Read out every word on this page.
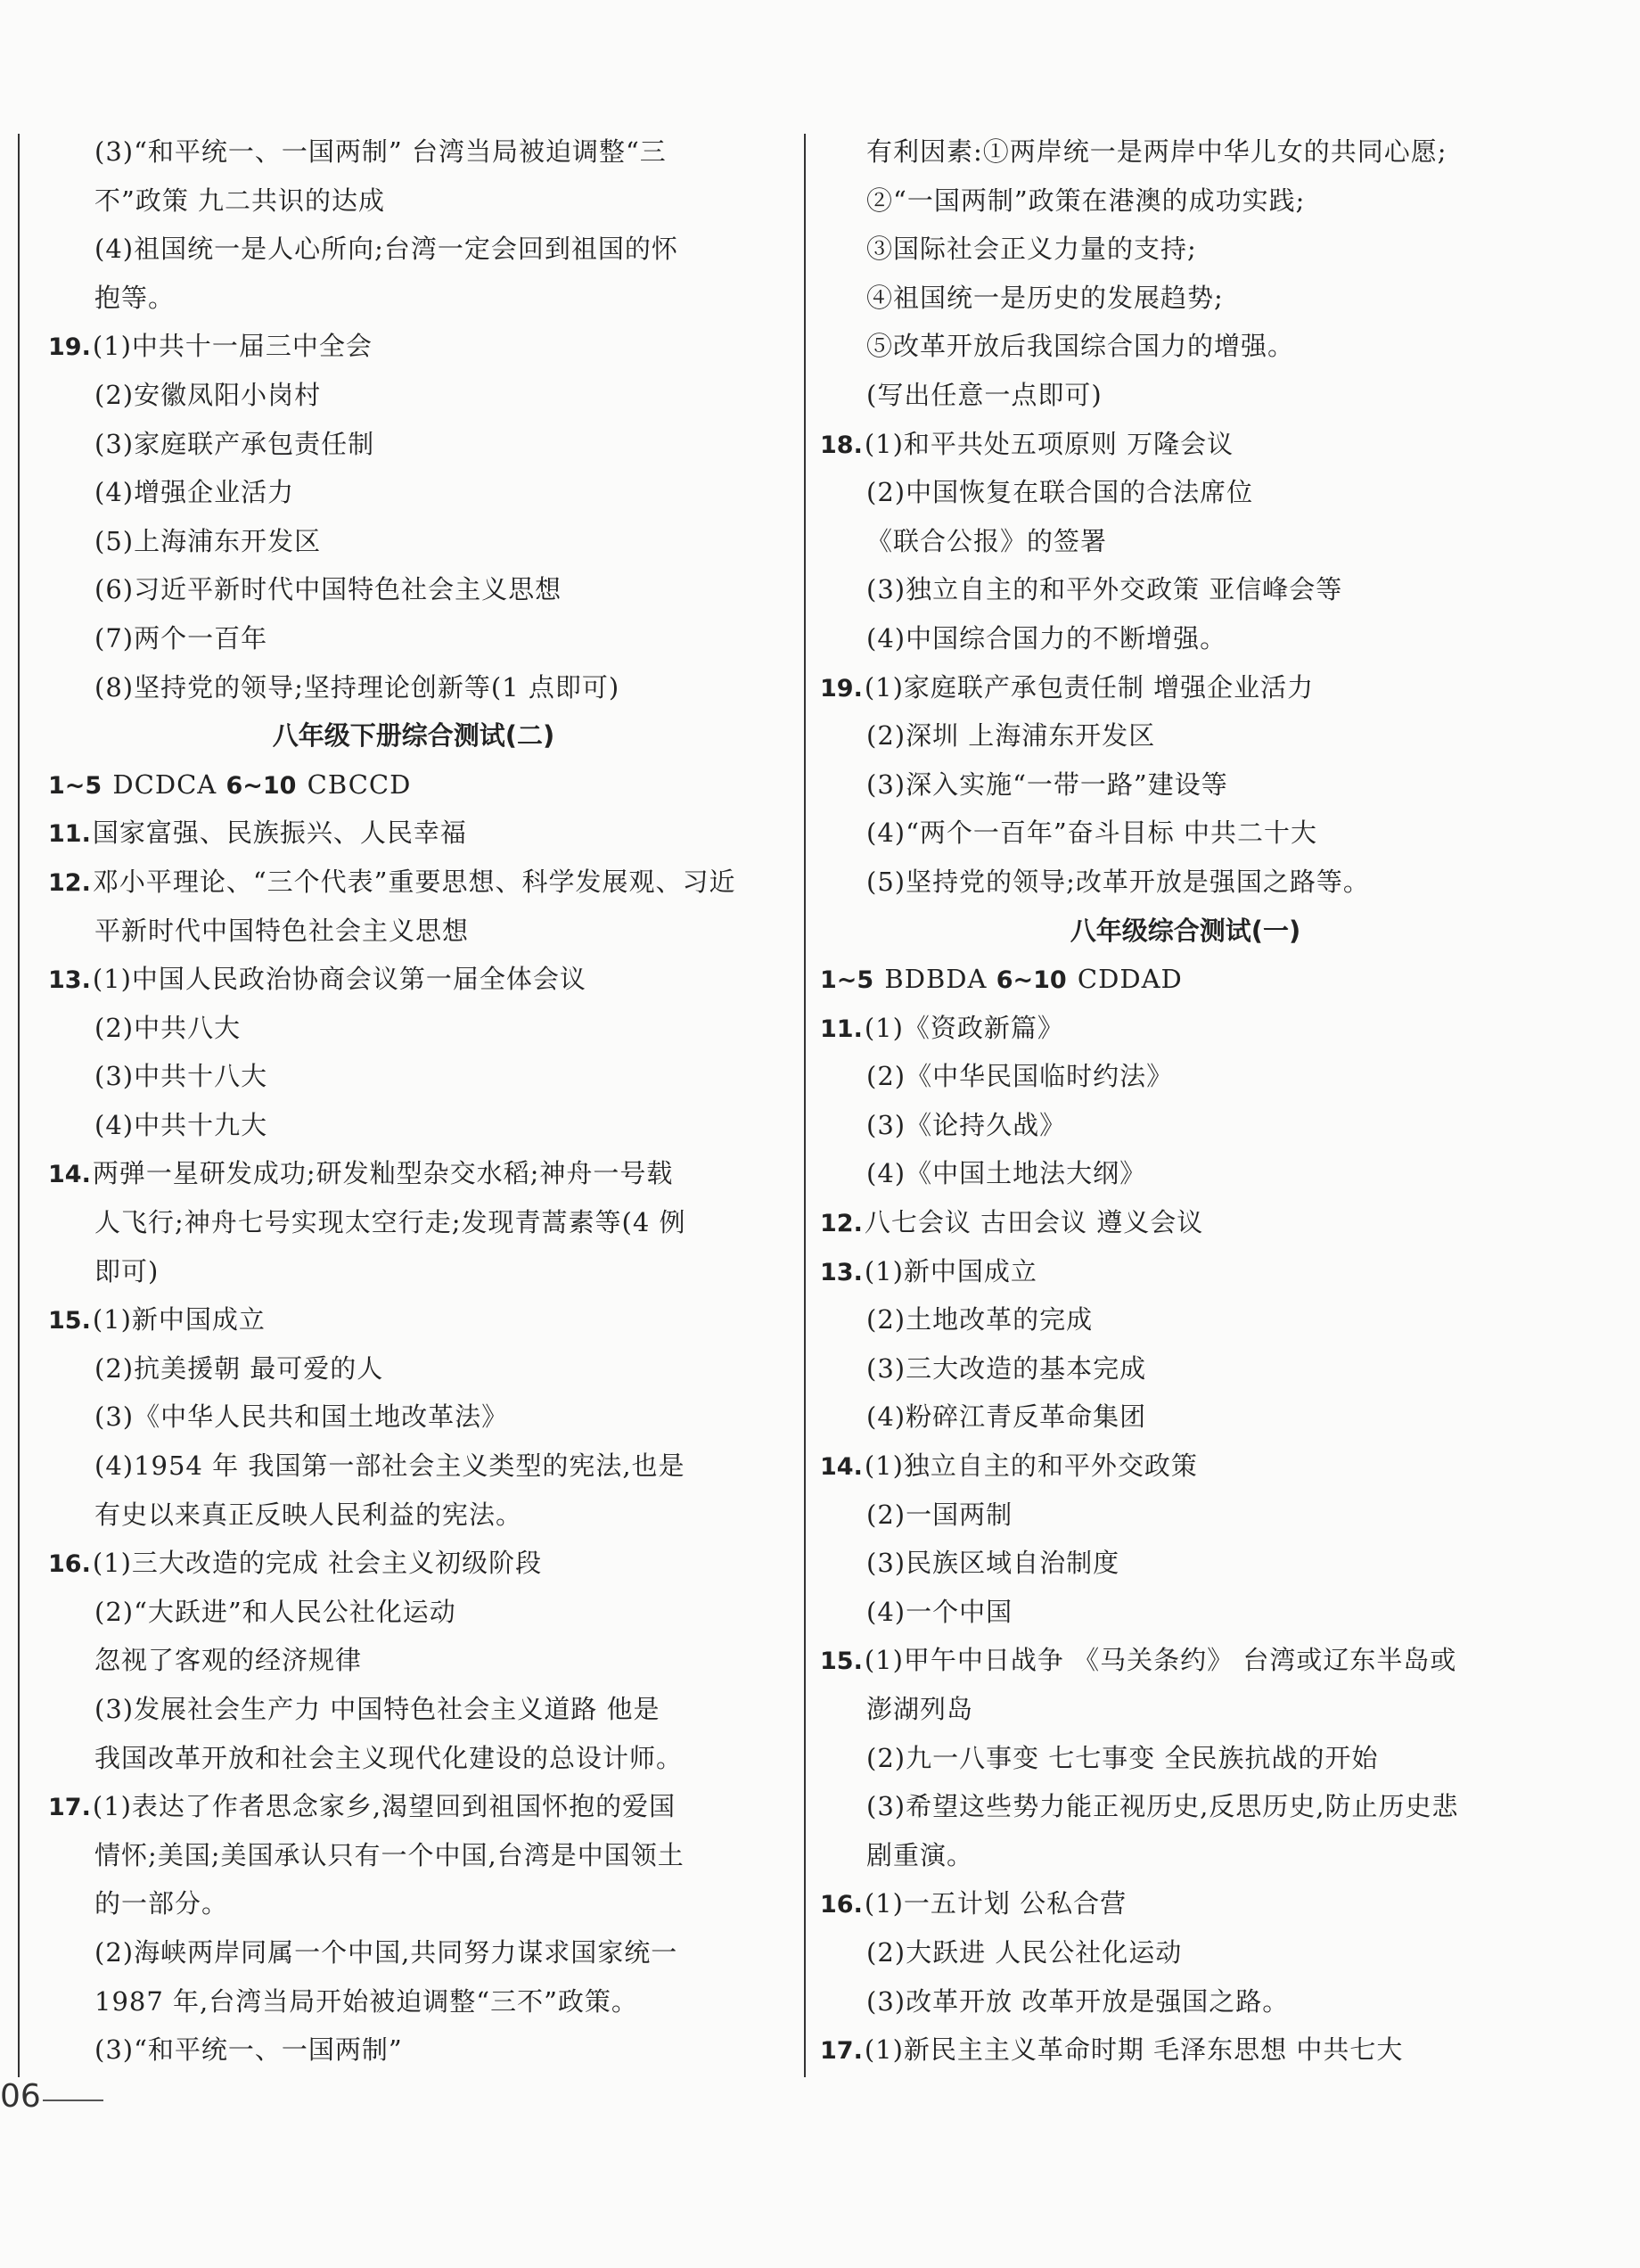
(3)“和平统一、一国两制” 台湾当局被迫调整“三
不”政策 九二共识的达成
(4)祖国统一是人心所向;台湾一定会回到祖国的怀
抱等。
19.(1)中共十一届三中全会
(2)安徽凤阳小岗村
(3)家庭联产承包责任制
(4)增强企业活力
(5)上海浦东开发区
(6)习近平新时代中国特色社会主义思想
(7)两个一百年
(8)坚持党的领导;坚持理论创新等(1 点即可)
八年级下册综合测试(二)
1~5 DCDCA 6~10 CBCCD
11.国家富强、民族振兴、人民幸福
12.邓小平理论、“三个代表”重要思想、科学发展观、习近
平新时代中国特色社会主义思想
13.(1)中国人民政治协商会议第一届全体会议
(2)中共八大
(3)中共十八大
(4)中共十九大
14.两弹一星研发成功;研发籼型杂交水稻;神舟一号载
人飞行;神舟七号实现太空行走;发现青蒿素等(4 例
即可)
15.(1)新中国成立
(2)抗美援朝 最可爱的人
(3)《中华人民共和国土地改革法》
(4)1954 年 我国第一部社会主义类型的宪法,也是
有史以来真正反映人民利益的宪法。
16.(1)三大改造的完成 社会主义初级阶段
(2)“大跃进”和人民公社化运动
忽视了客观的经济规律
(3)发展社会生产力 中国特色社会主义道路 他是
我国改革开放和社会主义现代化建设的总设计师。
17.(1)表达了作者思念家乡,渴望回到祖国怀抱的爱国
情怀;美国;美国承认只有一个中国,台湾是中国领土
的一部分。
(2)海峡两岸同属一个中国,共同努力谋求国家统一
1987 年,台湾当局开始被迫调整“三不”政策。
(3)“和平统一、一国两制”
有利因素:①两岸统一是两岸中华儿女的共同心愿;
②“一国两制”政策在港澳的成功实践;
③国际社会正义力量的支持;
④祖国统一是历史的发展趋势;
⑤改革开放后我国综合国力的增强。
(写出任意一点即可)
18.(1)和平共处五项原则 万隆会议
(2)中国恢复在联合国的合法席位
《联合公报》的签署
(3)独立自主的和平外交政策 亚信峰会等
(4)中国综合国力的不断增强。
19.(1)家庭联产承包责任制 增强企业活力
(2)深圳 上海浦东开发区
(3)深入实施“一带一路”建设等
(4)“两个一百年”奋斗目标 中共二十大
(5)坚持党的领导;改革开放是强国之路等。
八年级综合测试(一)
1~5 BDBDA 6~10 CDDAD
11.(1)《资政新篇》
(2)《中华民国临时约法》
(3)《论持久战》
(4)《中国土地法大纲》
12.八七会议 古田会议 遵义会议
13.(1)新中国成立
(2)土地改革的完成
(3)三大改造的基本完成
(4)粉碎江青反革命集团
14.(1)独立自主的和平外交政策
(2)一国两制
(3)民族区域自治制度
(4)一个中国
15.(1)甲午中日战争 《马关条约》 台湾或辽东半岛或
澎湖列岛
(2)九一八事变 七七事变 全民族抗战的开始
(3)希望这些势力能正视历史,反思历史,防止历史悲
剧重演。
16.(1)一五计划 公私合营
(2)大跃进 人民公社化运动
(3)改革开放 改革开放是强国之路。
17.(1)新民主主义革命时期 毛泽东思想 中共七大
06
